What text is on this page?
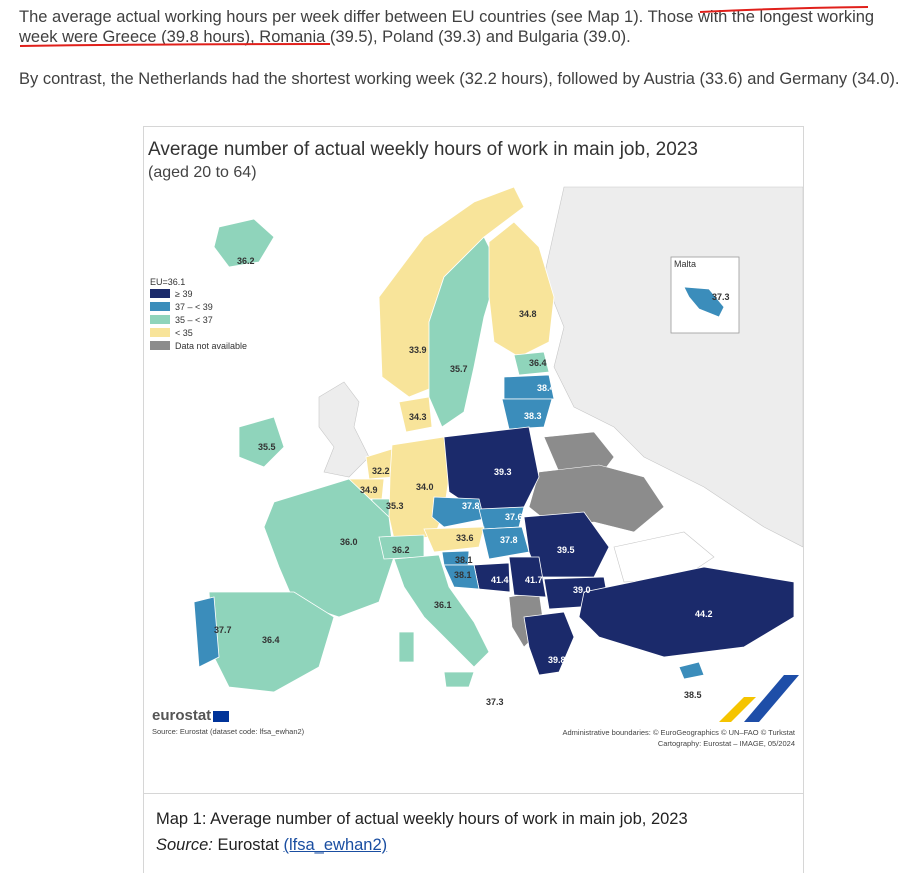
The average actual working hours per week differ between EU countries (see Map 1). Those with the longest working week were Greece (39.8 hours), Romania (39.5), Poland (39.3) and Bulgaria (39.0).
By contrast, the Netherlands had the shortest working week (32.2 hours), followed by Austria (33.6) and Germany (34.0).
36.2
33.9
35.7
34.8
36.4
38.4
38.3
34.3
35.5
32.2
34.9
35.3
34.0
39.3
37.8
37.6
33.6	37.8
36.0
36.2
38.1
38.1 41.4 41.7
39.5
39.0
36.1
37.7
36.4
39.8
44.2
38.5
37.3
37.3
Malta
Average number of actual weekly hours of work in main job, 2023
(aged 20 to 64)
EU=36.1
≥ 39
37 – < 39
35 – < 37
< 35
Data not available
eurostat
Source: Eurostat (dataset code: lfsa_ewhan2)	Administrative boundaries: © EuroGeographics © UN–FAO © Turkstat
Cartography: Eurostat – IMAGE, 05/2024
Map 1: Average number of actual weekly hours of work in main job, 2023
Source: Eurostat (lfsa_ewhan2)
